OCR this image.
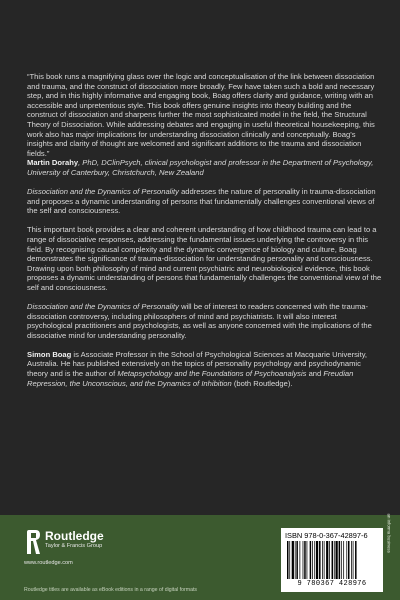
“This book runs a magnifying glass over the logic and conceptualisation of the link between dissociation and trauma, and the construct of dissociation more broadly. Few have taken such a bold and necessary step, and in this highly informative and engaging book, Boag offers clarity and guidance, writing with an accessible and unpretentious style. This book offers genuine insights into theory building and the construct of dissociation and sharpens further the most sophisticated model in the field, the Structural Theory of Dissociation. While addressing debates and engaging in useful theoretical housekeeping, this work also has major implications for understanding dissociation clinically and conceptually. Boag’s insights and clarity of thought are welcomed and significant additions to the trauma and dissociation fields.”

Martin Dorahy, PhD, DClinPsych, clinical psychologist and professor in the Department of Psychology, University of Canterbury, Christchurch, New Zealand

Dissociation and the Dynamics of Personality addresses the nature of personality in trauma-dissociation and proposes a dynamic understanding of persons that fundamentally challenges conventional views of the self and consciousness.

This important book provides a clear and coherent understanding of how childhood trauma can lead to a range of dissociative responses, addressing the fundamental issues underlying the controversy in this field. By recognising causal complexity and the dynamic convergence of biology and culture, Boag demonstrates the significance of trauma-dissociation for understanding personality and consciousness. Drawing upon both philosophy of mind and current psychiatric and neurobiological evidence, this book proposes a dynamic understanding of persons that fundamentally challenges the conventional view of the self and consciousness.

Dissociation and the Dynamics of Personality will be of interest to readers concerned with the trauma-dissociation controversy, including philosophers of mind and psychiatrists. It will also interest psychological practitioners and psychologists, as well as anyone concerned with the implications of the dissociative mind for understanding personality.

Simon Boag is Associate Professor in the School of Psychological Sciences at Macquarie University, Australia. He has published extensively on the topics of personality psychology and psychodynamic theory and is the author of Metapsychology and the Foundations of Psychoanalysis and Freudian Repression, the Unconscious, and the Dynamics of Inhibition (both Routledge).

Routledge
Taylor & Francis Group
www.routledge.com
Routledge titles are available as eBook editions in a range of digital formats
ISBN 978-0-367-42897-6
9 780367 428976
an informa business
